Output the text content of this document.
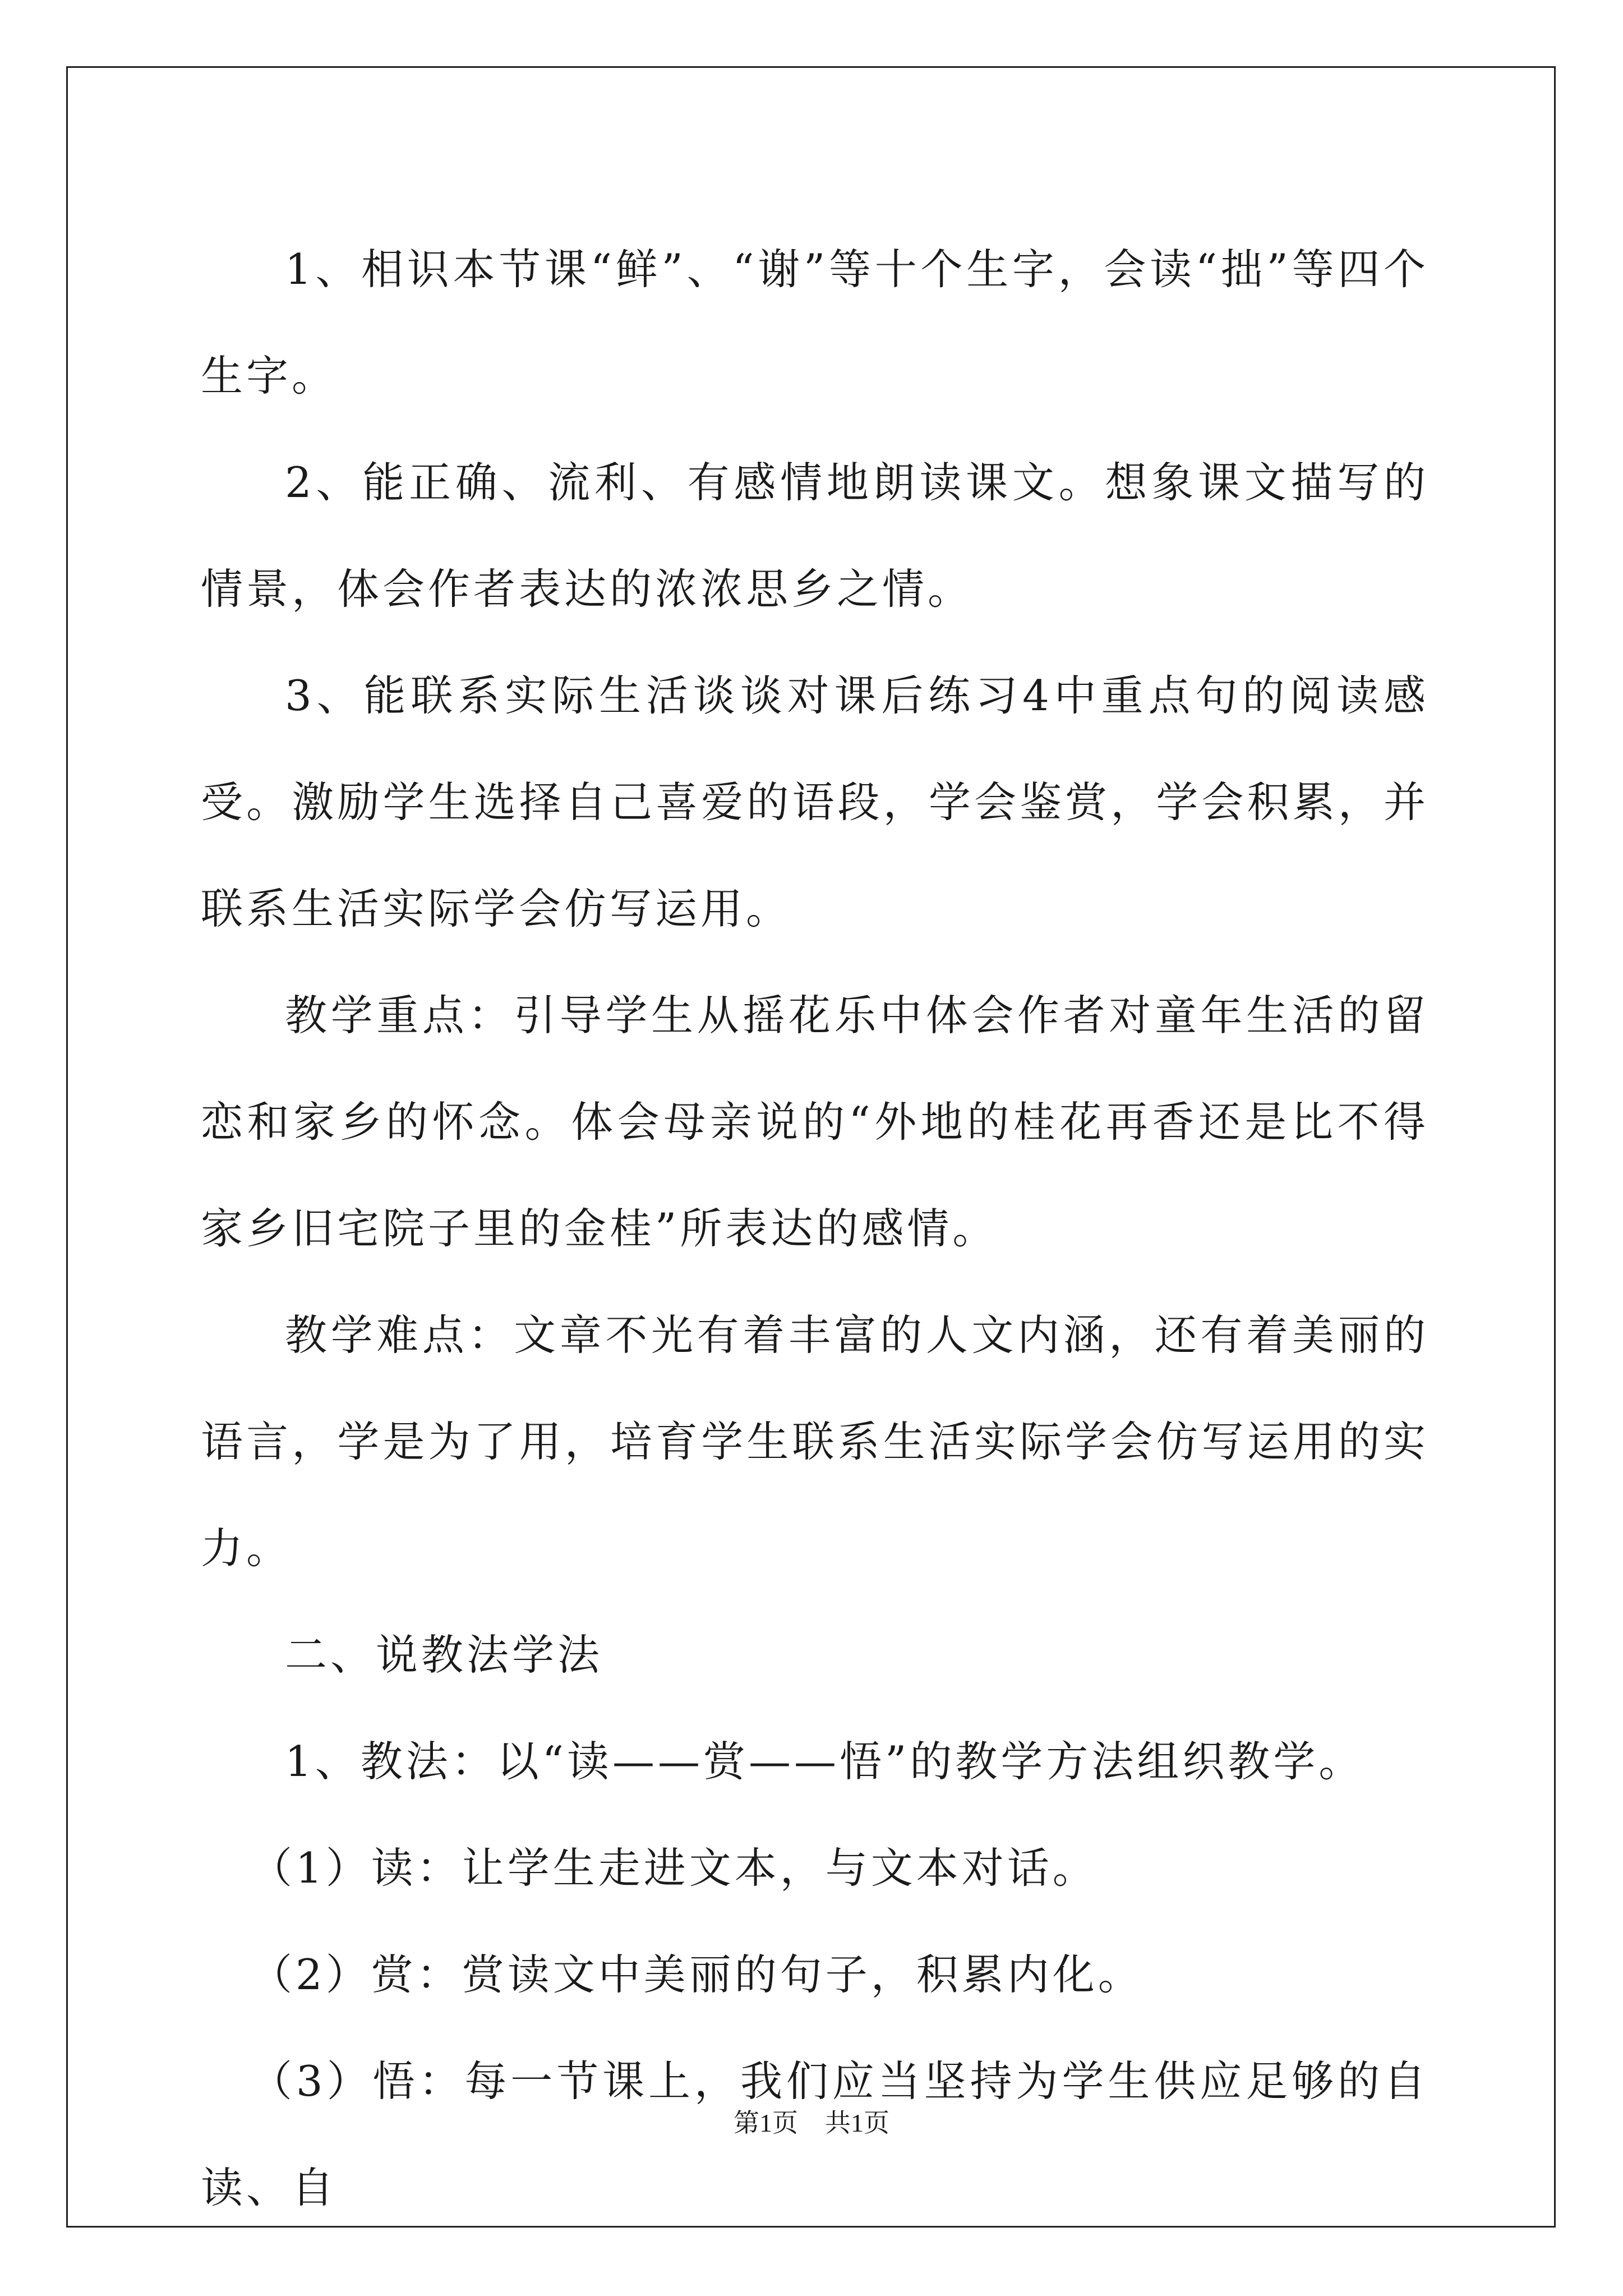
1、相识本节课“鲜”、“谢”等十个生字，会读“拙”等四个生字。

2、能正确、流利、有感情地朗读课文。想象课文描写的情景，体会作者表达的浓浓思乡之情。

3、能联系实际生活谈谈对课后练习4中重点句的阅读感受。激励学生选择自己喜爱的语段，学会鉴赏，学会积累，并联系生活实际学会仿写运用。

教学重点：引导学生从摇花乐中体会作者对童年生活的留恋和家乡的怀念。体会母亲说的“外地的桂花再香还是比不得家乡旧宅院子里的金桂”所表达的感情。

教学难点：文章不光有着丰富的人文内涵，还有着美丽的语言，学是为了用，培育学生联系生活实际学会仿写运用的实力。

二、说教法学法

1、教法：以“读——赏——悟”的教学方法组织教学。

（1）读：让学生走进文本，与文本对话。

（2）赏：赏读文中美丽的句子，积累内化。

（3）悟：每一节课上，我们应当坚持为学生供应足够的自读、自

第1页 共1页
